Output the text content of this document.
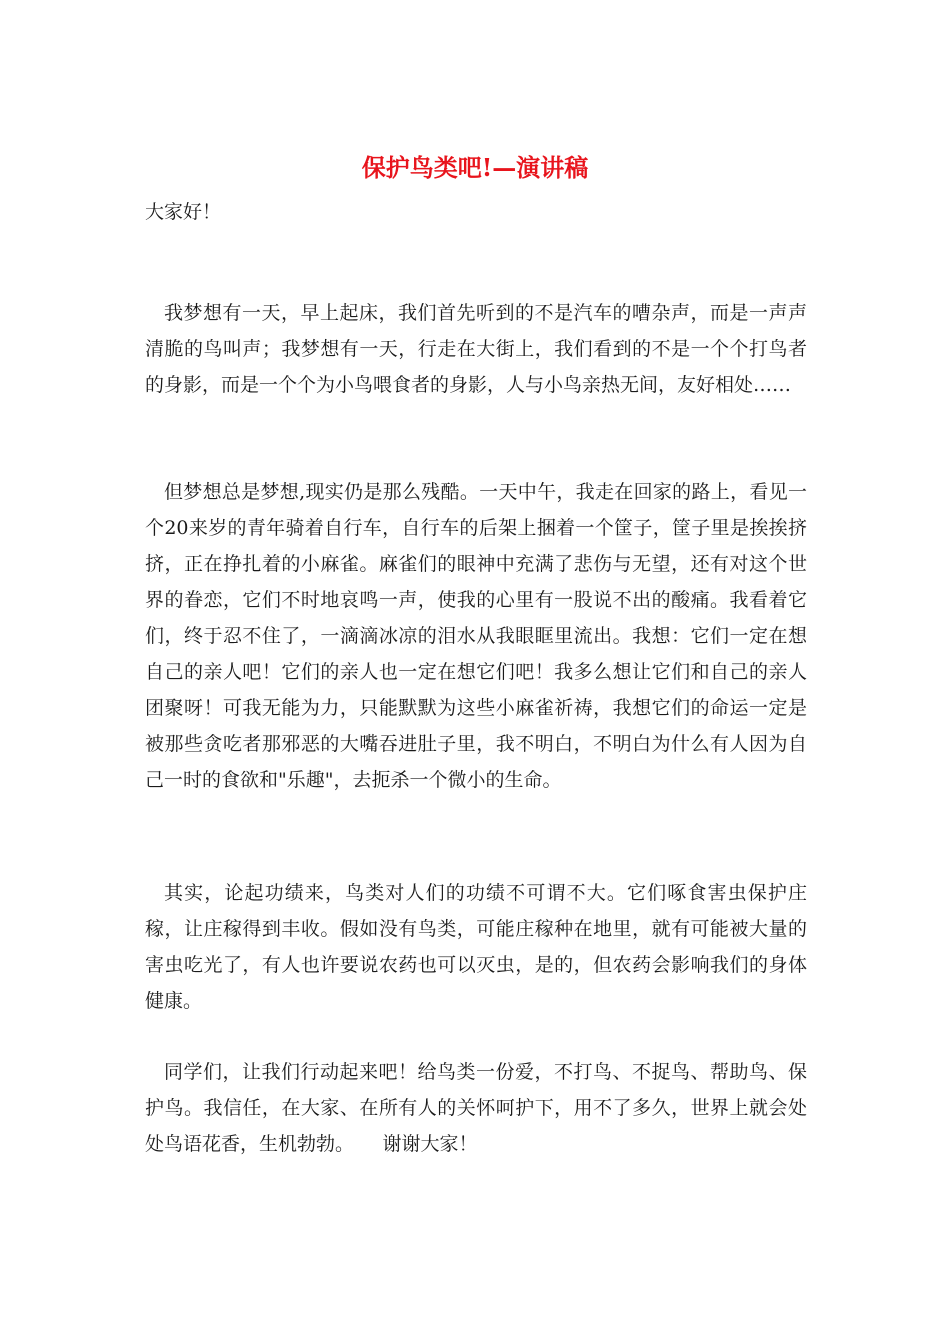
保护鸟类吧!—演讲稿
大家好！

我梦想有一天，早上起床，我们首先听到的不是汽车的嘈杂声，而是一声声清脆的鸟叫声；我梦想有一天，行走在大街上，我们看到的不是一个个打鸟者的身影，而是一个个为小鸟喂食者的身影，人与小鸟亲热无间，友好相处……

但梦想总是梦想,现实仍是那么残酷。一天中午，我走在回家的路上，看见一个20来岁的青年骑着自行车，自行车的后架上捆着一个筐子，筐子里是挨挨挤挤，正在挣扎着的小麻雀。麻雀们的眼神中充满了悲伤与无望，还有对这个世界的眷恋，它们不时地哀鸣一声，使我的心里有一股说不出的酸痛。我看着它们，终于忍不住了，一滴滴冰凉的泪水从我眼眶里流出。我想：它们一定在想自己的亲人吧！它们的亲人也一定在想它们吧！我多么想让它们和自己的亲人团聚呀！可我无能为力，只能默默为这些小麻雀祈祷，我想它们的命运一定是被那些贪吃者那邪恶的大嘴吞进肚子里，我不明白，不明白为什么有人因为自己一时的食欲和"乐趣"，去扼杀一个微小的生命。

其实，论起功绩来，鸟类对人们的功绩不可谓不大。它们啄食害虫保护庄稼，让庄稼得到丰收。假如没有鸟类，可能庄稼种在地里，就有可能被大量的害虫吃光了，有人也许要说农药也可以灭虫，是的，但农药会影响我们的身体健康。

同学们，让我们行动起来吧！给鸟类一份爱，不打鸟、不捉鸟、帮助鸟、保护鸟。我信任，在大家、在所有人的关怀呵护下，用不了多久，世界上就会处处鸟语花香，生机勃勃。　　谢谢大家！
